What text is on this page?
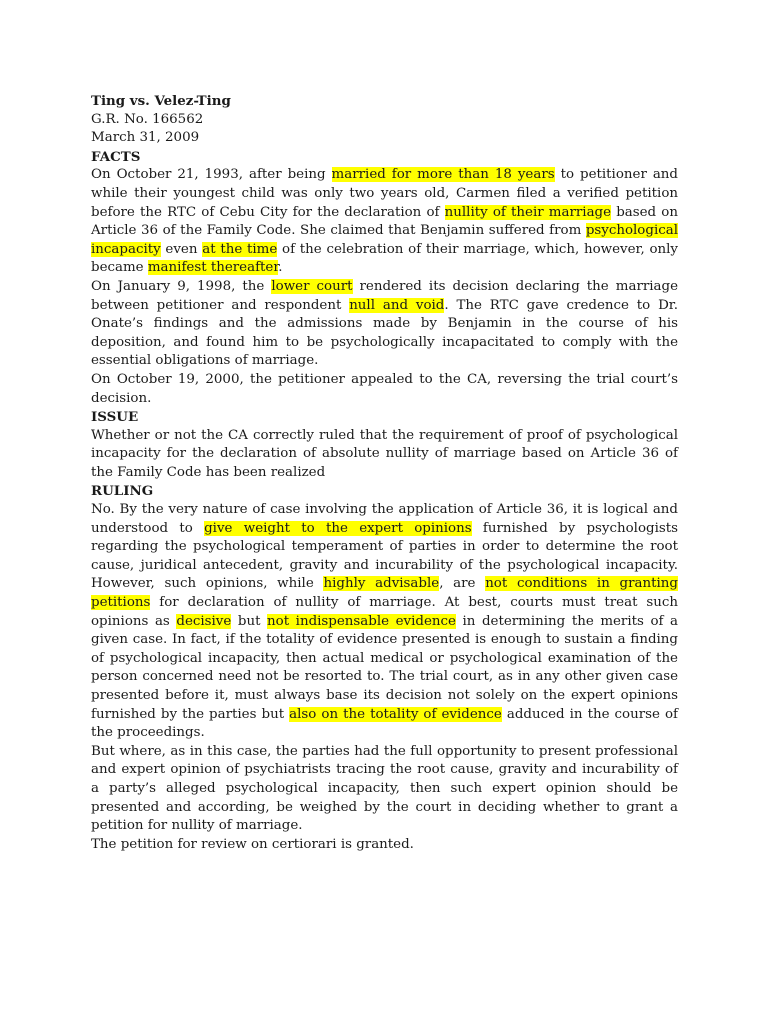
Ting vs. Velez-Ting
G.R. No. 166562
March 31, 2009
FACTS
On October 21, 1993, after being married for more than 18 years to petitioner and while their youngest child was only two years old, Carmen filed a verified petition before the RTC of Cebu City for the declaration of nullity of their marriage based on Article 36 of the Family Code. She claimed that Benjamin suffered from psychological incapacity even at the time of the celebration of their marriage, which, however, only became manifest thereafter.
On January 9, 1998, the lower court rendered its decision declaring the marriage between petitioner and respondent null and void. The RTC gave credence to Dr. Onate’s findings and the admissions made by Benjamin in the course of his deposition, and found him to be psychologically incapacitated to comply with the essential obligations of marriage.
On October 19, 2000, the petitioner appealed to the CA, reversing the trial court’s decision.
ISSUE
Whether or not the CA correctly ruled that the requirement of proof of psychological incapacity for the declaration of absolute nullity of marriage based on Article 36 of the Family Code has been realized
RULING
No. By the very nature of case involving the application of Article 36, it is logical and understood to give weight to the expert opinions furnished by psychologists regarding the psychological temperament of parties in order to determine the root cause, juridical antecedent, gravity and incurability of the psychological incapacity. However, such opinions, while highly advisable, are not conditions in granting petitions for declaration of nullity of marriage. At best, courts must treat such opinions as decisive but not indispensable evidence in determining the merits of a given case. In fact, if the totality of evidence presented is enough to sustain a finding of psychological incapacity, then actual medical or psychological examination of the person concerned need not be resorted to. The trial court, as in any other given case presented before it, must always base its decision not solely on the expert opinions furnished by the parties but also on the totality of evidence adduced in the course of the proceedings.
But where, as in this case, the parties had the full opportunity to present professional and expert opinion of psychiatrists tracing the root cause, gravity and incurability of a party’s alleged psychological incapacity, then such expert opinion should be presented and according, be weighed by the court in deciding whether to grant a petition for nullity of marriage.
The petition for review on certiorari is granted.
